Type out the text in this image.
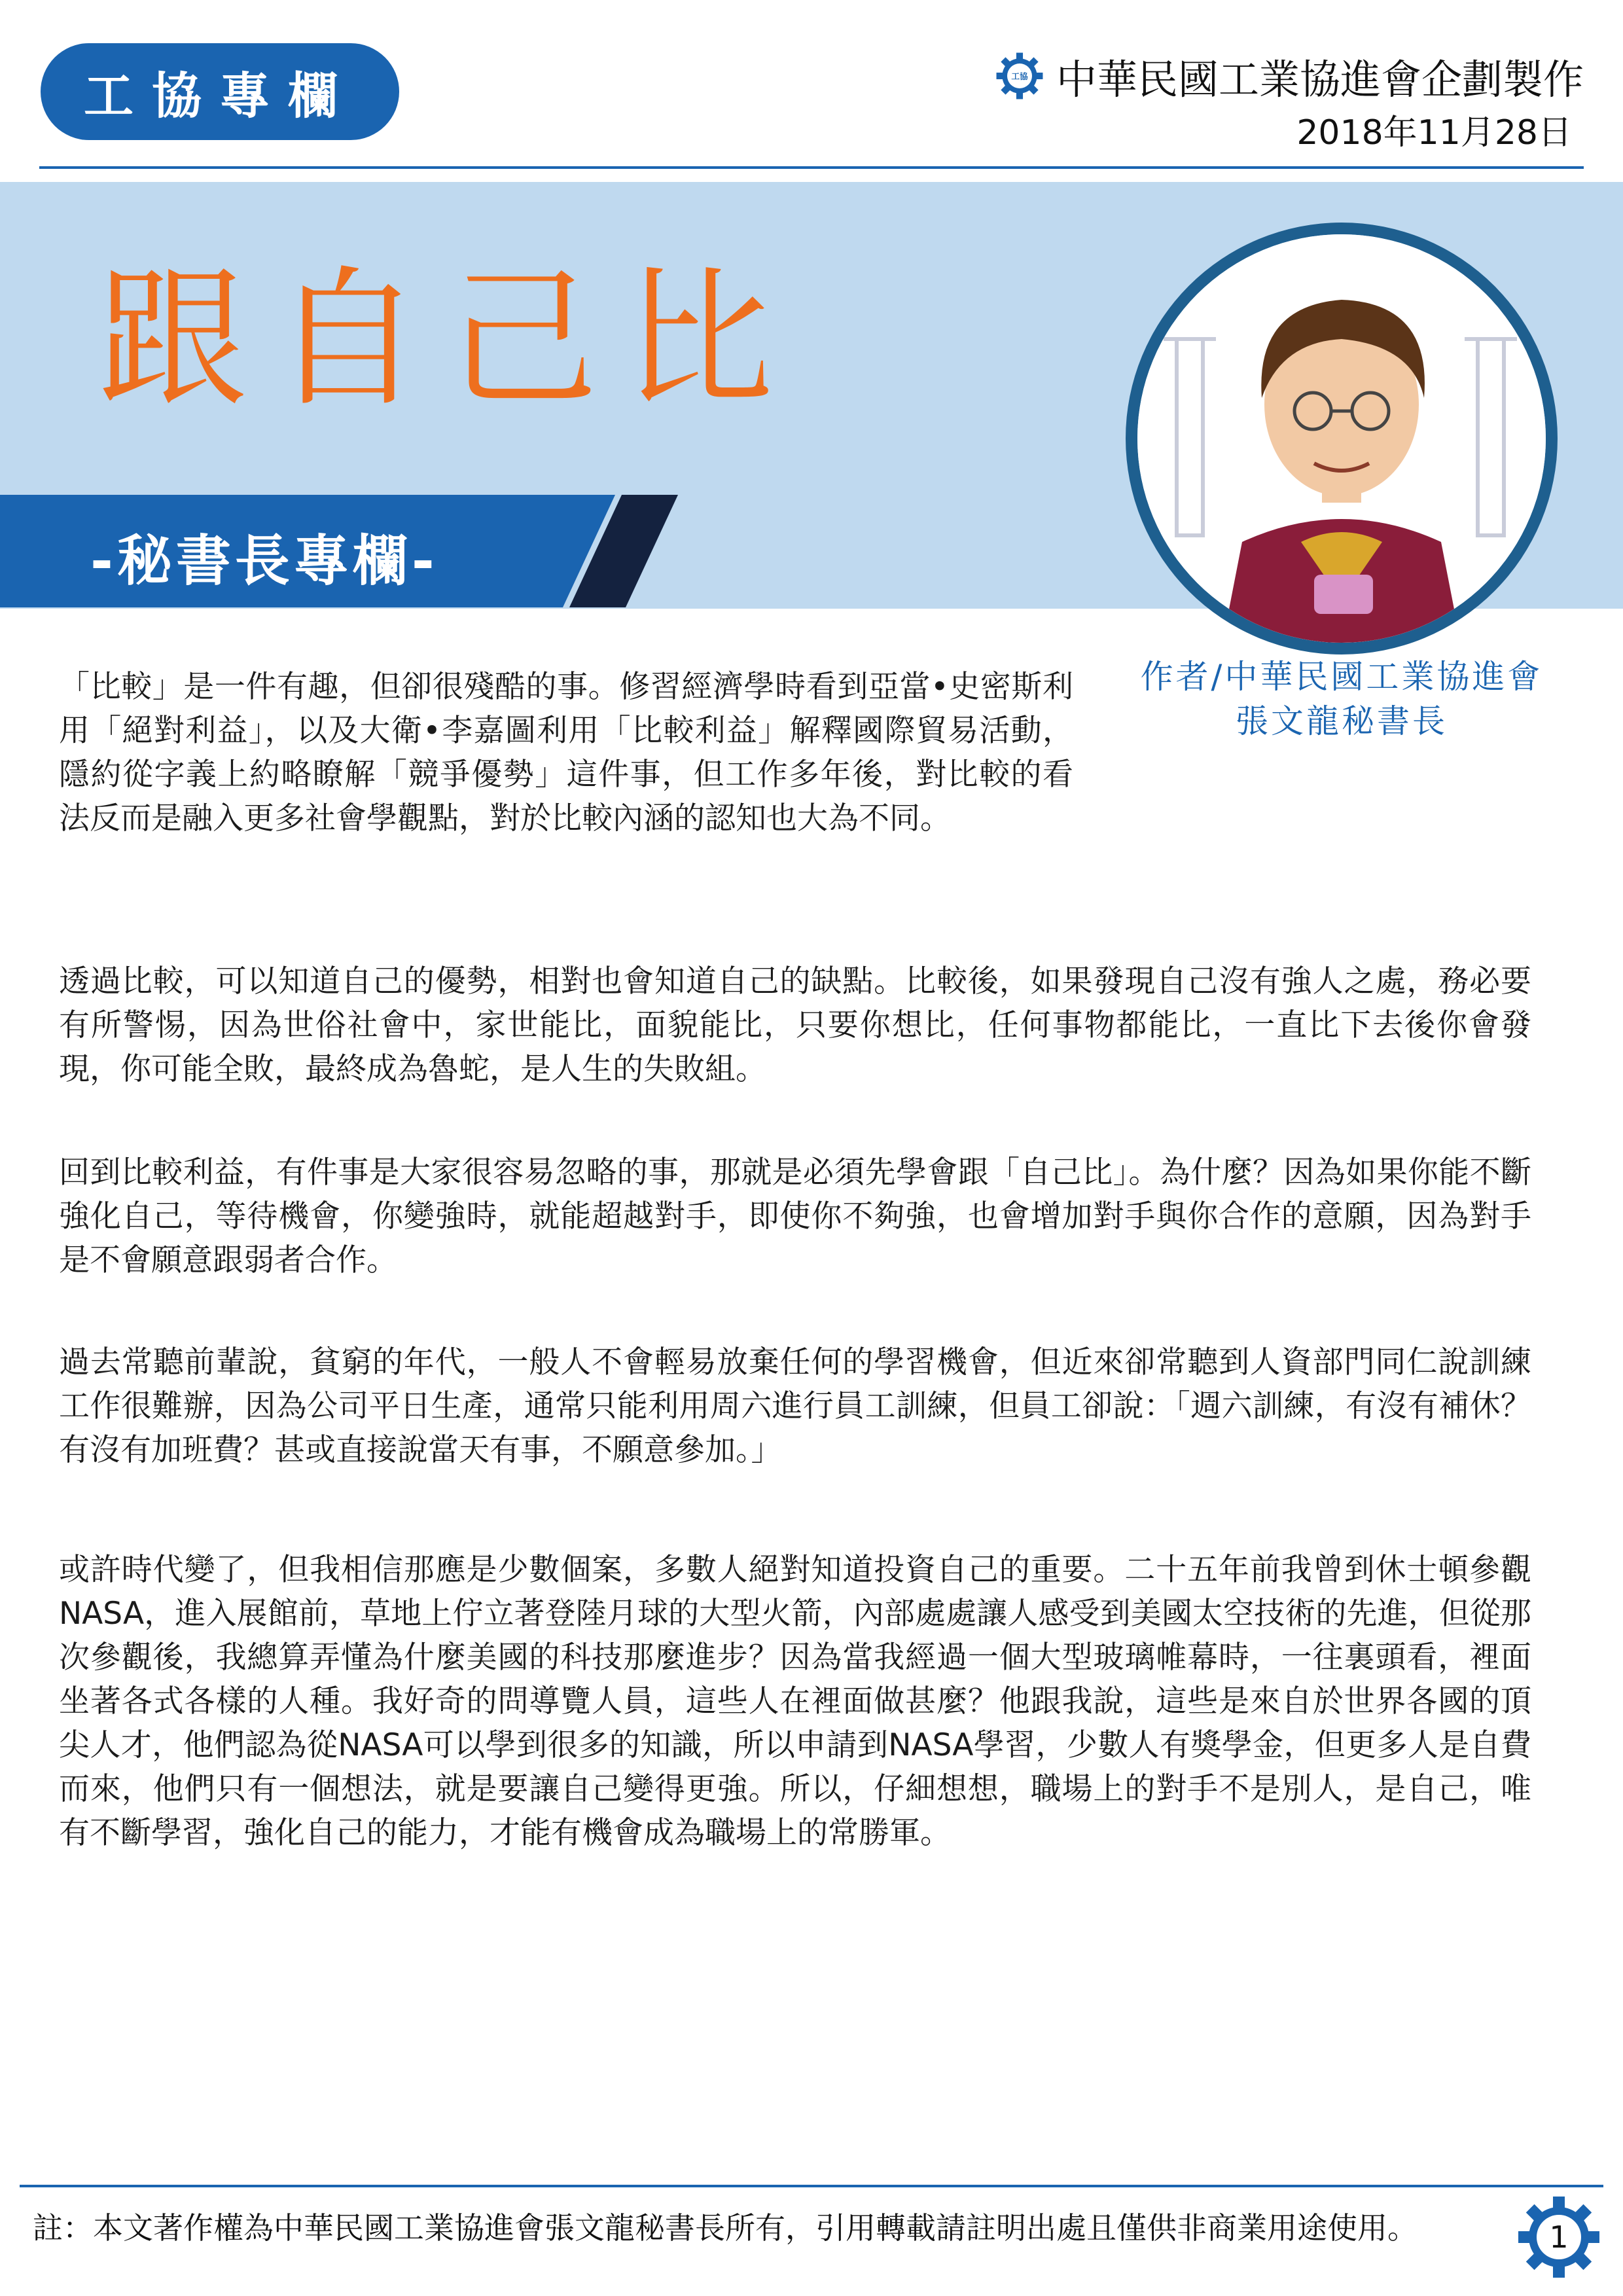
工協專欄	工協 中華民國工業協進會企劃製作
2018年11月28日
跟自己比
-秘書長專欄-
作者/中華民國工業協進會
張文龍秘書長

「比較」是一件有趣，但卻很殘酷的事。修習經濟學時看到亞當•史密斯利用「絕對利益」，以及大衛•李嘉圖利用「比較利益」解釋國際貿易活動，隱約從字義上約略瞭解「競爭優勢」這件事，但工作多年後，對比較的看法反而是融入更多社會學觀點，對於比較內涵的認知也大為不同。

透過比較，可以知道自己的優勢，相對也會知道自己的缺點。比較後，如果發現自己沒有強人之處，務必要有所警惕，因為世俗社會中，家世能比，面貌能比，只要你想比，任何事物都能比，一直比下去後你會發現，你可能全敗，最終成為魯蛇，是人生的失敗組。

回到比較利益，有件事是大家很容易忽略的事，那就是必須先學會跟「自己比」。為什麼？因為如果你能不斷強化自己，等待機會，你變強時，就能超越對手，即使你不夠強，也會增加對手與你合作的意願，因為對手是不會願意跟弱者合作。

過去常聽前輩說，貧窮的年代，一般人不會輕易放棄任何的學習機會，但近來卻常聽到人資部門同仁說訓練工作很難辦，因為公司平日生產，通常只能利用周六進行員工訓練，但員工卻說：「週六訓練，有沒有補休？有沒有加班費？甚或直接說當天有事，不願意參加。」

或許時代變了，但我相信那應是少數個案，多數人絕對知道投資自己的重要。二十五年前我曾到休士頓參觀NASA，進入展館前，草地上佇立著登陸月球的大型火箭，內部處處讓人感受到美國太空技術的先進，但從那次參觀後，我總算弄懂為什麼美國的科技那麼進步？因為當我經過一個大型玻璃帷幕時，一往裏頭看，裡面坐著各式各樣的人種。我好奇的問導覽人員，這些人在裡面做甚麼？他跟我說，這些是來自於世界各國的頂尖人才，他們認為從NASA可以學到很多的知識，所以申請到NASA學習，少數人有獎學金，但更多人是自費而來，他們只有一個想法，就是要讓自己變得更強。所以，仔細想想，職場上的對手不是別人，是自己，唯有不斷學習，強化自己的能力，才能有機會成為職場上的常勝軍。

註：本文著作權為中華民國工業協進會張文龍秘書長所有，引用轉載請註明出處且僅供非商業用途使用。	1
